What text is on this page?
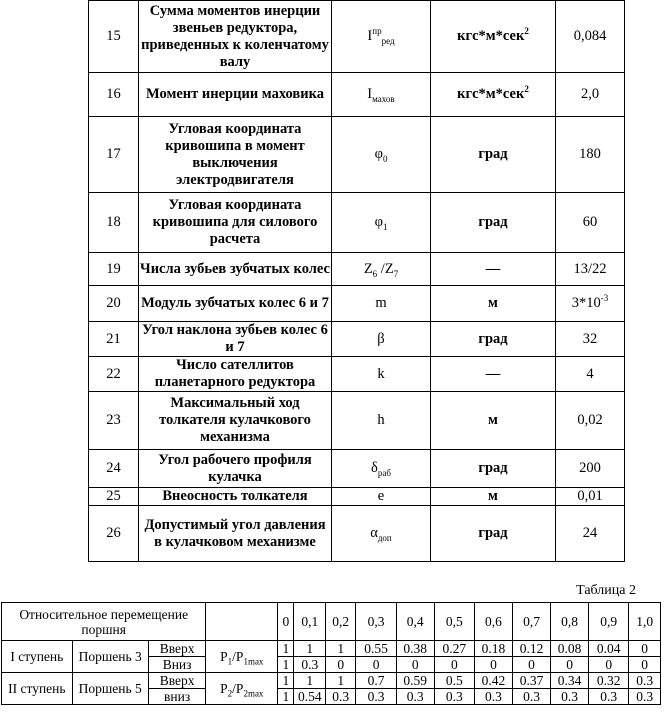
15	Сумма моментов инерции звеньев редуктора, приведенных к коленчатому валу	$I^{пр}_{ред}$	кгс*м*сек$^2$	0,084
16	Момент инерции маховика	$I_{махов}$	кгс*м*сек$^2$	2,0
17	Угловая координата кривошипа в момент выключения электродвигателя	$\varphi_0$	град	180
18	Угловая координата кривошипа для силового расчета	$\varphi_1$	град	60
19	Числа зубьев зубчатых колес	$Z_6$ $/Z_7$	—	13/22
20	Модуль зубчатых колес 6 и 7	m	м	$3*10^{-3}$
21	Угол наклона зубьев колес 6 и 7	β	град	32
22	Число сателлитов планетарного редуктора	k	—	4
23	Максимальный ход толкателя кулачкового механизма	h	м	0,02
24	Угол рабочего профиля кулачка	$\delta_{раб}$	град	200
25	Внеосность толкателя	e	м	0,01
26	Допустимый угол давления в кулачковом механизме	$\alpha_{доп}$	град	24
Таблица 2
Относительное перемещение поршня				0	0,1	0,2	0,3	0,4	0,5	0,6	0,7	0,8	0,9	1,0
I ступень	Поршень 3	Вверх	$P_1/P_{1max}$	1	1	1	0.55	0.38	0.27	0.18	0.12	0.08	0.04	0
		Вниз		1	0.3	0	0	0	0	0	0	0	0	0
II ступень	Поршень 5	Вверх	$P_2/P_{2max}$	1	1	1	0.7	0.59	0.5	0.42	0.37	0.34	0.32	0.3
		вниз		1	0.54	0.3	0.3	0.3	0.3	0.3	0.3	0.3	0.3	0.3
